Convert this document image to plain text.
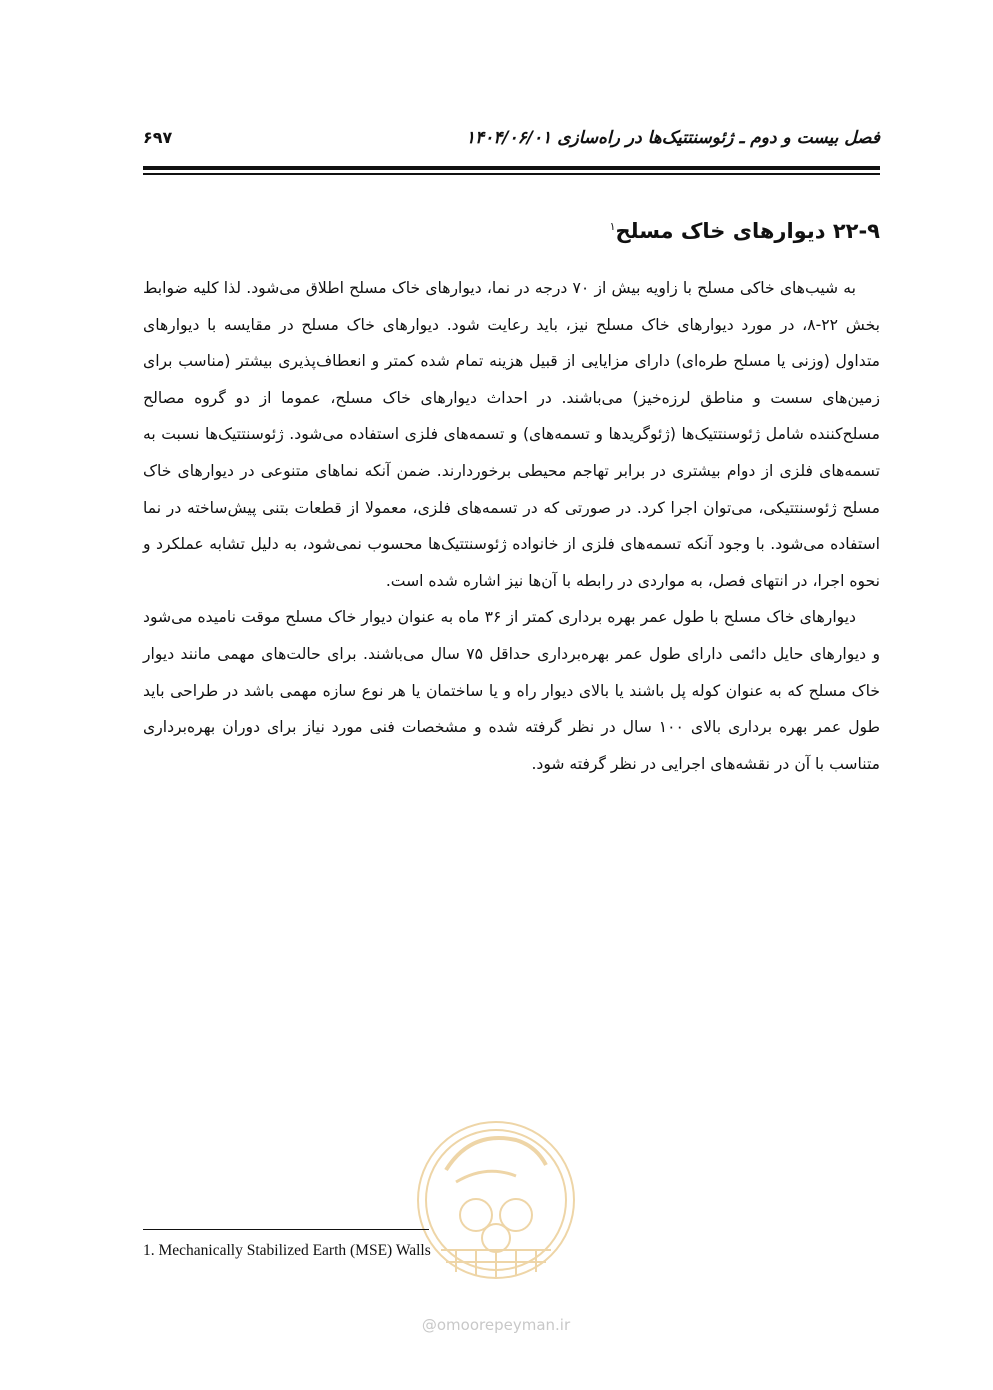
فصل بیست و دوم ـ ژئوسنتتیک‌ها در راه‌سازی ۱۴۰۴/۰۶/۰۱
۶۹۷
۲۲-۹ دیوارهای خاک مسلح$^۱$

به شیب‌های خاکی مسلح با زاویه بیش از ۷۰ درجه در نما، دیوارهای خاک مسلح اطلاق می‌شود. لذا کلیه ضوابط بخش ۲۲-۸، در مورد دیوارهای خاک مسلح نیز، باید رعایت شود. دیوارهای خاک مسلح در مقایسه با دیوارهای متداول (وزنی یا مسلح طره‌ای) دارای مزایایی از قبیل هزینه تمام شده کمتر و انعطاف‌پذیری بیشتر (مناسب برای زمین‌های سست و مناطق لرزه‌خیز) می‌باشند. در احداث دیوارهای خاک مسلح، عموما از دو گروه مصالح مسلح‌کننده شامل ژئوسنتتیک‌ها (ژئوگریدها و تسمه‌های) و تسمه‌های فلزی استفاده می‌شود. ژئوسنتتیک‌ها نسبت به تسمه‌های فلزی از دوام بیشتری در برابر تهاجم محیطی برخوردارند. ضمن آنکه نماهای متنوعی در دیوارهای خاک مسلح ژئوسنتتیکی، می‌توان اجرا کرد. در صورتی که در تسمه‌های فلزی، معمولا از قطعات بتنی پیش‌ساخته در نما استفاده می‌شود. با وجود آنکه تسمه‌های فلزی از خانواده ژئوسنتتیک‌ها محسوب نمی‌شود، به دلیل تشابه عملکرد و نحوه اجرا، در انتهای فصل، به مواردی در رابطه با آن‌ها نیز اشاره شده است.

دیوارهای خاک مسلح با طول عمر بهره برداری کمتر از ۳۶ ماه به عنوان دیوار خاک مسلح موقت نامیده می‌شود و دیوارهای حایل دائمی دارای طول عمر بهره‌برداری حداقل ۷۵ سال می‌باشند. برای حالت‌های مهمی مانند دیوار خاک مسلح که به عنوان کوله پل باشند یا بالای دیوار راه و یا ساختمان یا هر نوع سازه مهمی باشد در طراحی باید طول عمر بهره برداری بالای ۱۰۰ سال در نظر گرفته شده و مشخصات فنی مورد نیاز برای دوران بهره‌برداری متناسب با آن در نقشه‌های اجرایی در نظر گرفته شود.

@omoorepeyman.ir
1. Mechanically Stabilized Earth (MSE) Walls
